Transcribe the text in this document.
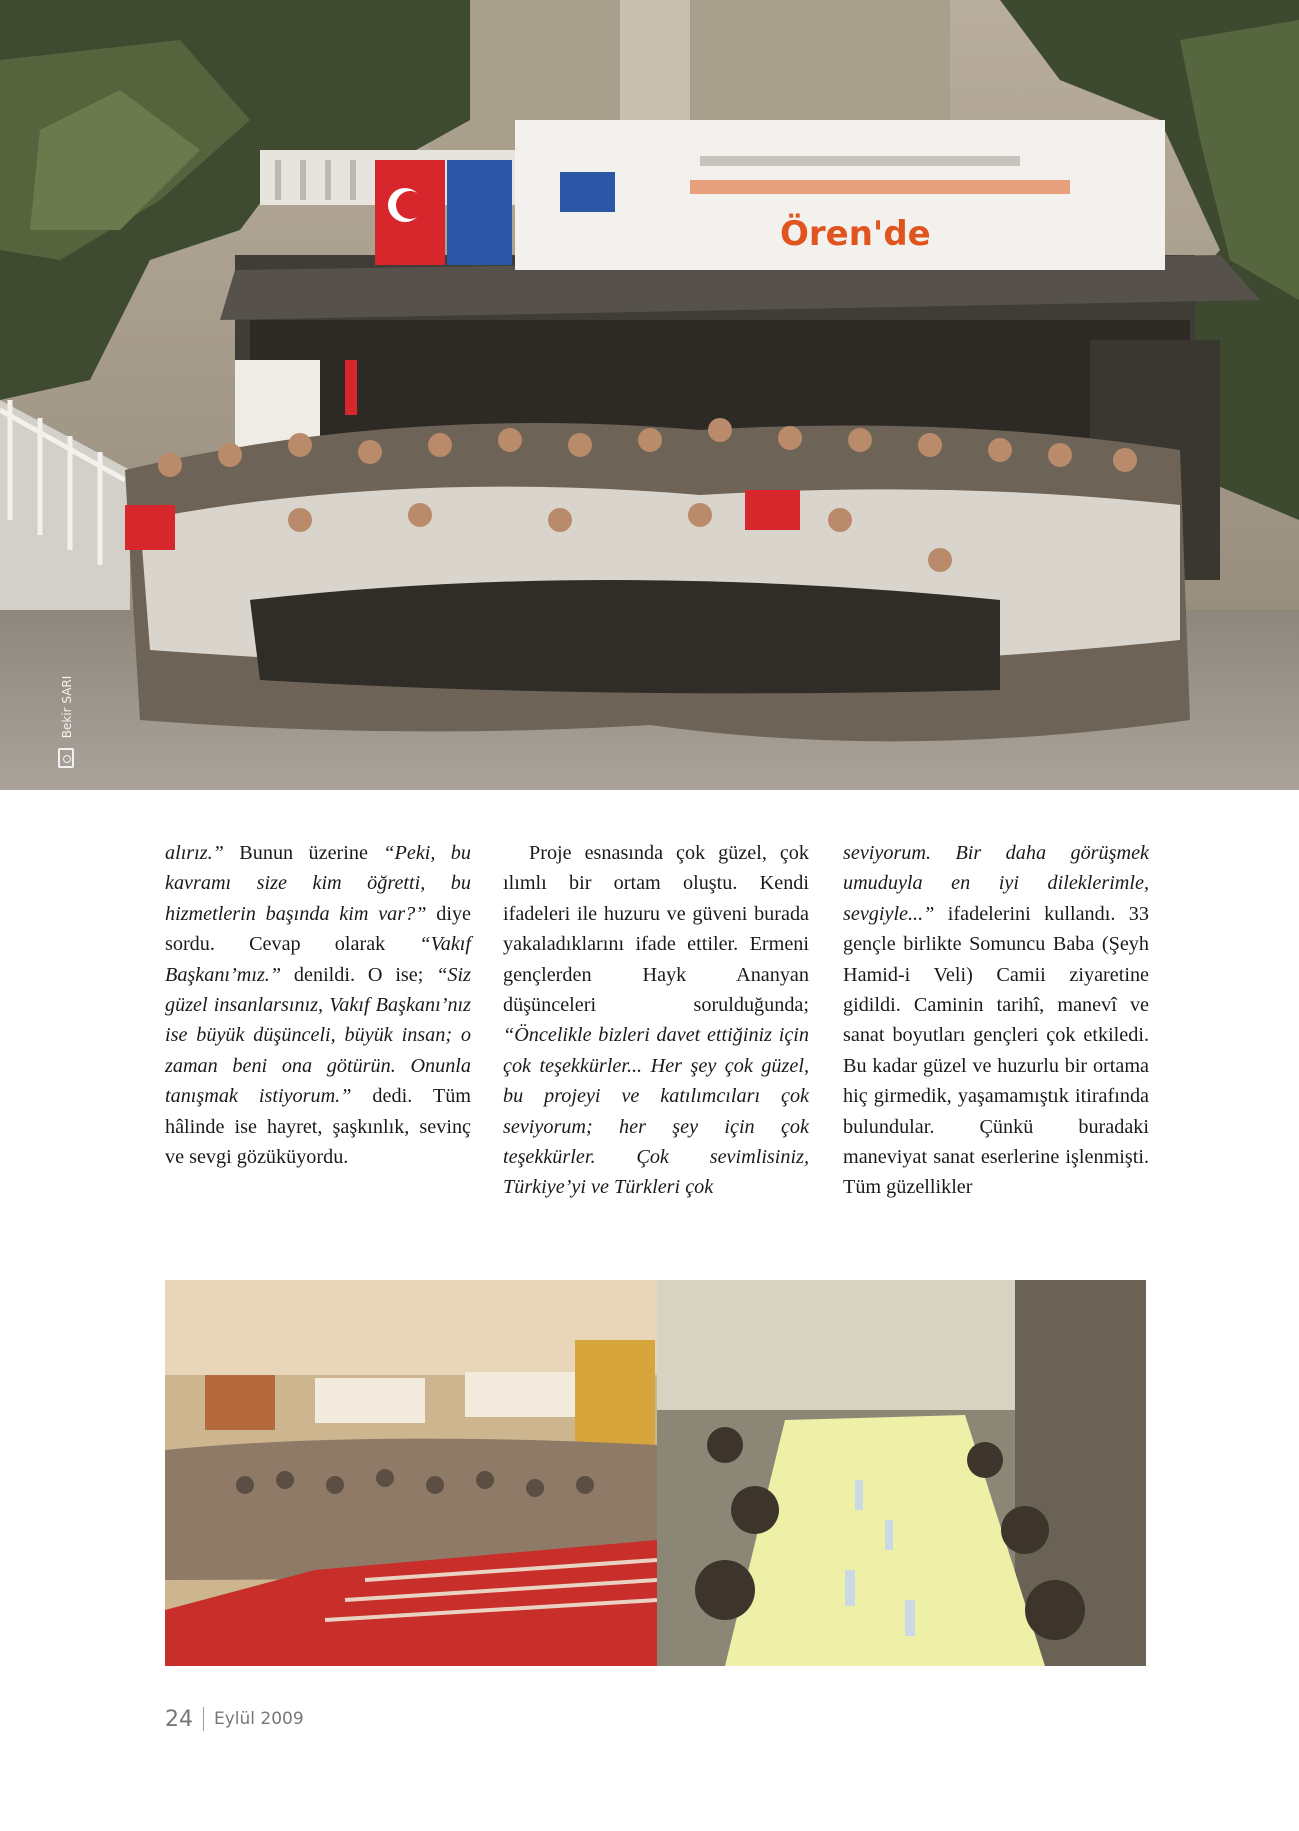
Ören'de
Bekir SARI

alırız.” Bunun üzerine “Peki, bu kavramı size kim öğretti, bu hizmetlerin başında kim var?” diye sordu. Cevap olarak “Vakıf Başkanı’mız.” denildi. O ise; “Siz güzel insanlarsınız, Vakıf Başkanı’nız ise büyük düşünceli, büyük insan; o zaman beni ona götürün. Onunla tanışmak istiyorum.” dedi. Tüm hâlinde ise hayret, şaşkınlık, sevinç ve sevgi gözüküyordu.

Proje esnasında çok güzel, çok ılımlı bir ortam oluştu. Kendi ifadeleri ile huzuru ve güveni burada yakaladıklarını ifade ettiler. Ermeni gençlerden Hayk Ananyan düşünceleri sorulduğunda; “Öncelikle bizleri davet ettiğiniz için çok teşekkürler... Her şey çok güzel, bu projeyi ve katılımcıları çok seviyorum; her şey için çok teşekkürler. Çok sevimlisiniz, Türkiye’yi ve Türkleri çok

seviyorum. Bir daha görüşmek umuduyla en iyi dileklerimle, sevgiyle...” ifadelerini kullandı. 33 gençle birlikte Somuncu Baba (Şeyh Hamid-i Veli) Camii ziyaretine gidildi. Caminin tarihî, manevî ve sanat boyutları gençleri çok etkiledi. Bu kadar güzel ve huzurlu bir ortama hiç girmedik, yaşamamıştık itirafında bulundular. Çünkü buradaki maneviyat sanat eserlerine işlenmişti. Tüm güzellikler

24 Eylül 2009
